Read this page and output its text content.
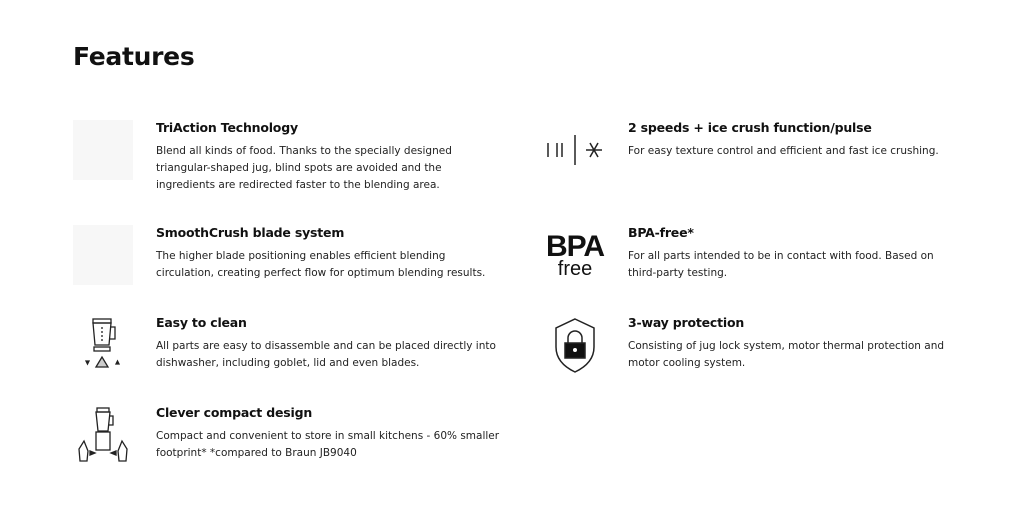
Features

TriAction Technology

Blend all kinds of food. Thanks to the specially designed triangular-shaped jug, blind spots are avoided and the ingredients are redirected faster to the blending area.

2 speeds + ice crush function/pulse

For easy texture control and efficient and fast ice crushing.

SmoothCrush blade system

The higher blade positioning enables efficient blending circulation, creating perfect flow for optimum blending results.

BPA
free

BPA-free*

For all parts intended to be in contact with food. Based on third-party testing.

Easy to clean

All parts are easy to disassemble and can be placed directly into dishwasher, including goblet, lid and even blades.

3-way protection

Consisting of jug lock system, motor thermal protection and motor cooling system.

Clever compact design

Compact and convenient to store in small kitchens - 60% smaller footprint* *compared to Braun JB9040
